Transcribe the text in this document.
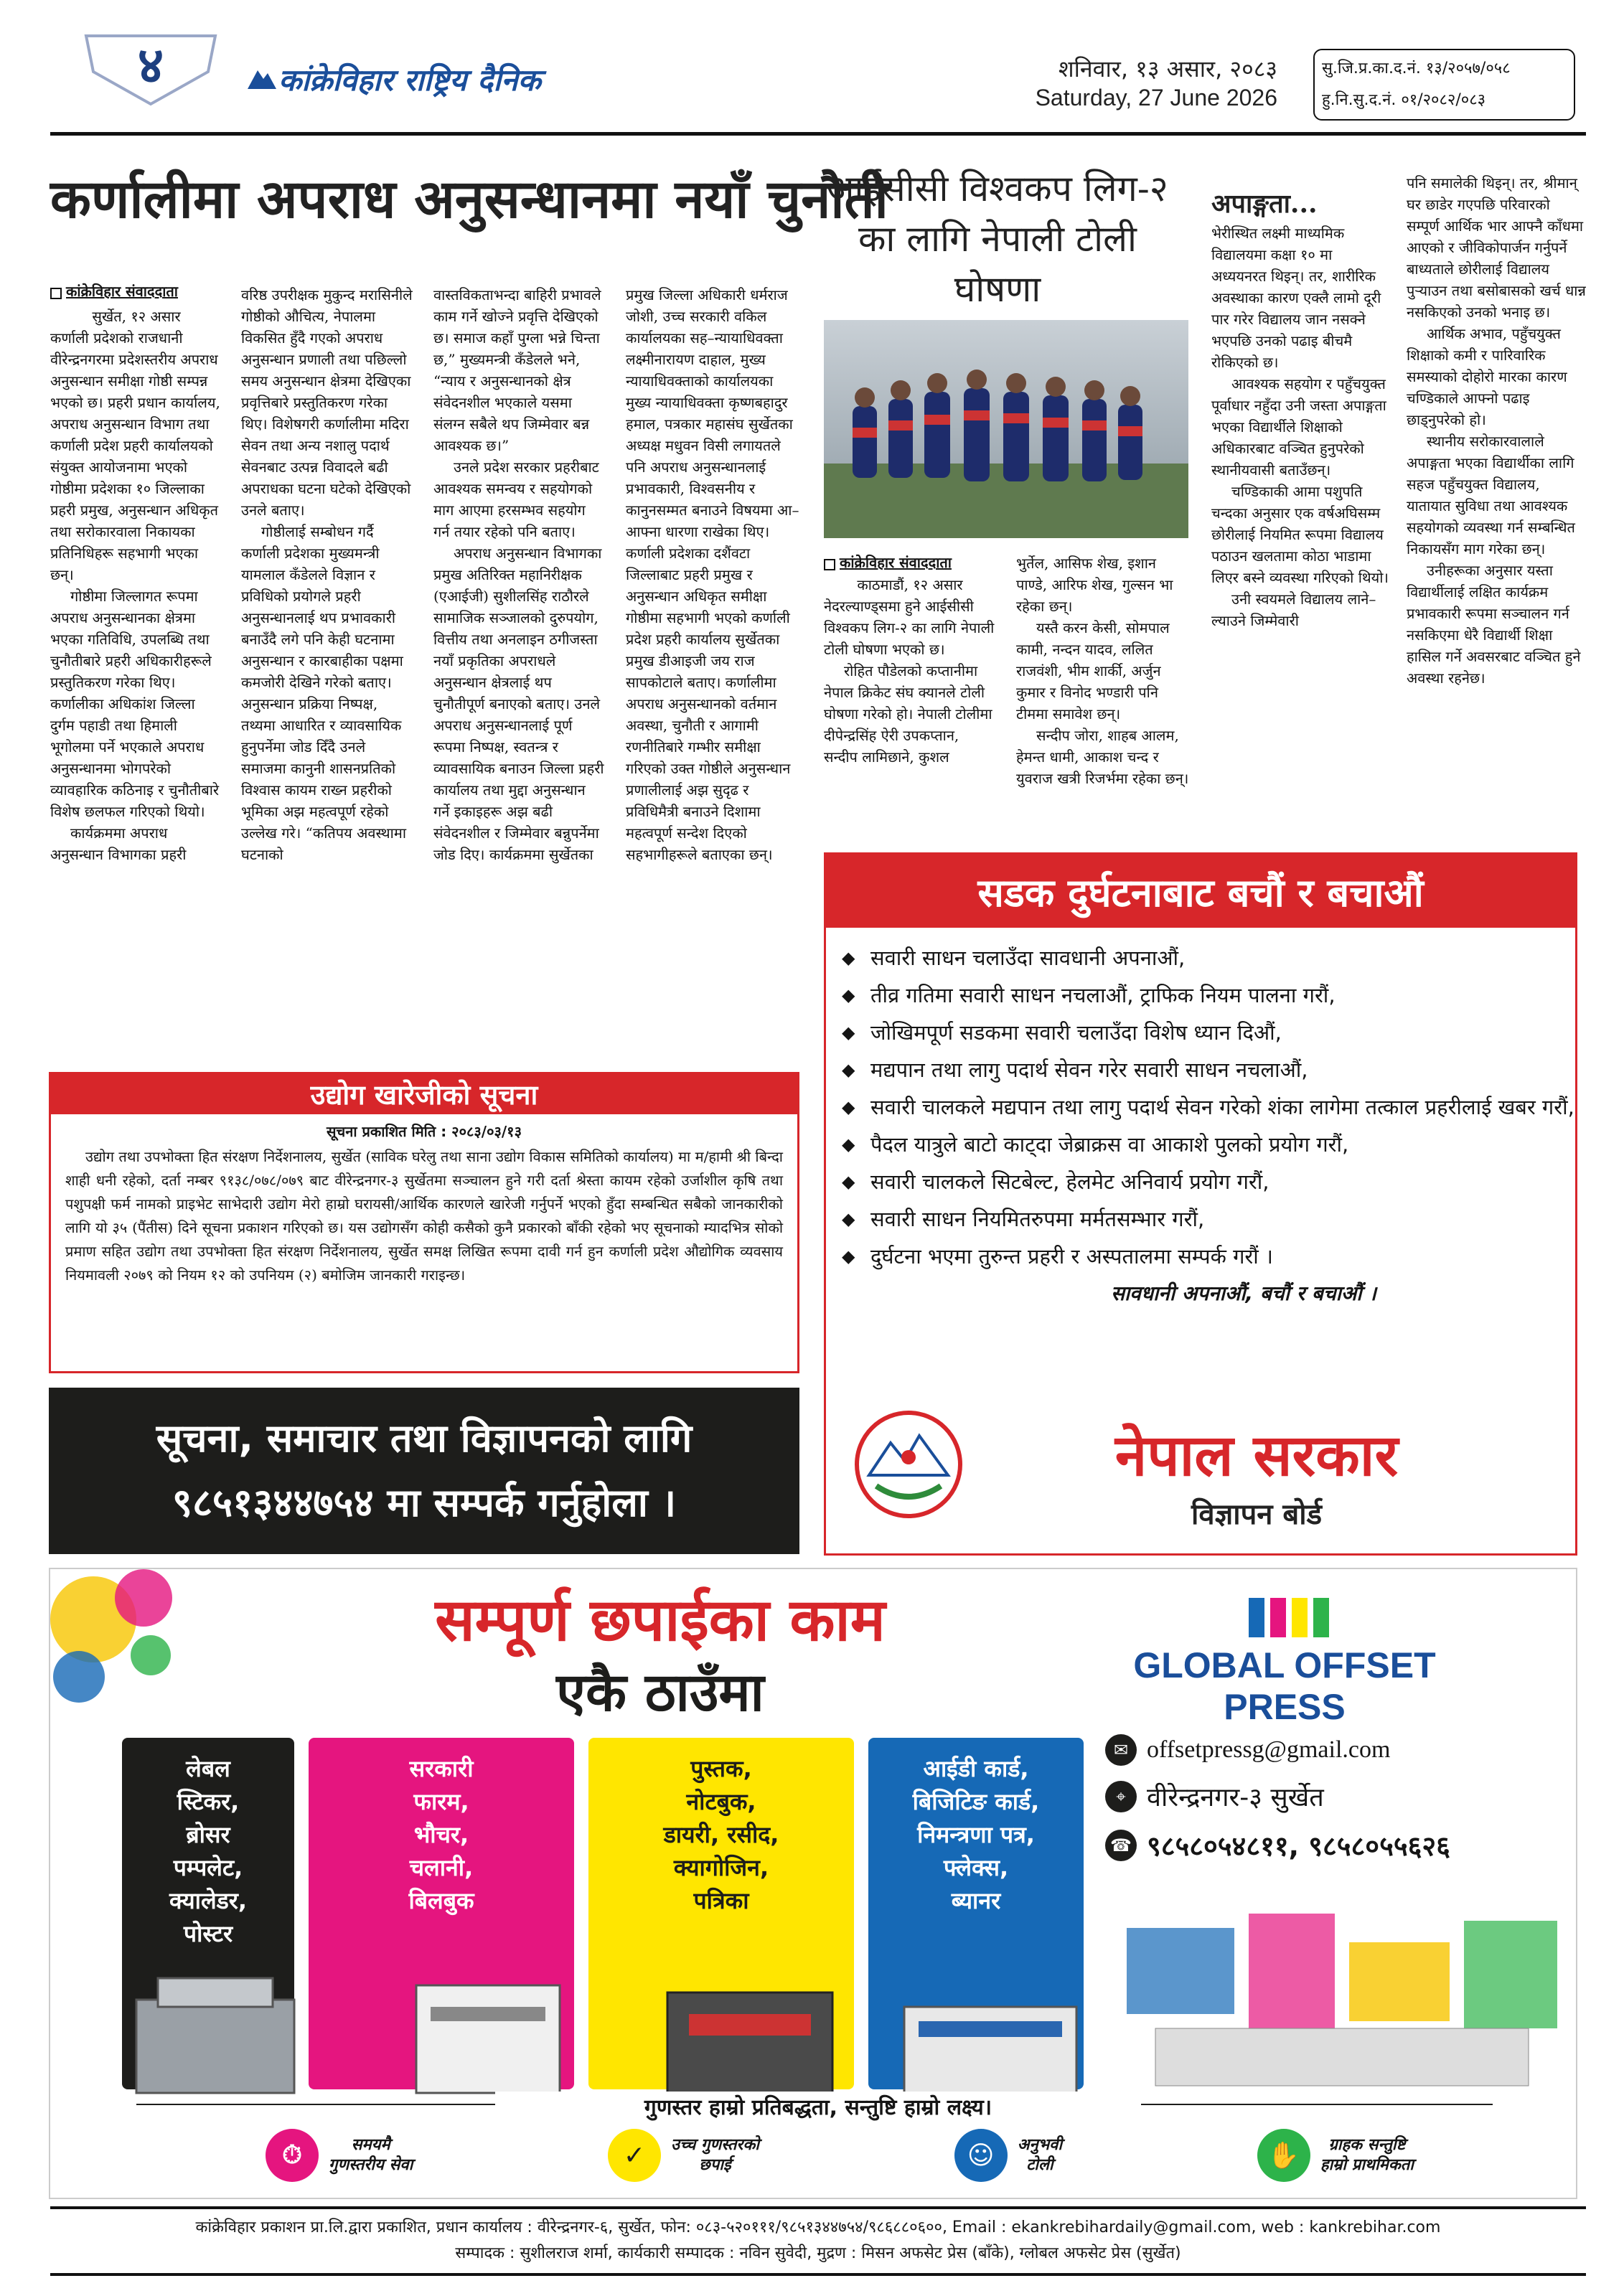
४	कांक्रेविहार राष्ट्रिय दैनिक	शनिवार, १३ असार, २०८३
Saturday, 27 June 2026
सु.जि.प्र.का.द.नं. १३/२०५७/०५८
हु.नि.सु.द.नं. ०१/२०८२/०८३
कर्णालीमा अपराध अनुसन्धानमा नयाँ चुनौती
कांक्रेविहार संवाददाता

सुर्खेत, १२ असार

कर्णाली प्रदेशको राजधानी वीरेन्द्रनगरमा प्रदेशस्तरीय अपराध अनुसन्धान समीक्षा गोष्ठी सम्पन्न भएको छ। प्रहरी प्रधान कार्यालय, अपराध अनुसन्धान विभाग तथा कर्णाली प्रदेश प्रहरी कार्यालयको संयुक्त आयोजनामा भएको गोष्ठीमा प्रदेशका १० जिल्लाका प्रहरी प्रमुख, अनुसन्धान अधिकृत तथा सरोकारवाला निकायका प्रतिनिधिहरू सहभागी भएका छन्।

गोष्ठीमा जिल्लागत रूपमा अपराध अनुसन्धानका क्षेत्रमा भएका गतिविधि, उपलब्धि तथा चुनौतीबारे प्रहरी अधिकारीहरूले प्रस्तुतिकरण गरेका थिए। कर्णालीका अधिकांश जिल्ला दुर्गम पहाडी तथा हिमाली भूगोलमा पर्ने भएकाले अपराध अनुसन्धानमा भोगपरेको व्यावहारिक कठिनाइ र चुनौतीबारे विशेष छलफल गरिएको थियो।

कार्यक्रममा अपराध अनुसन्धान विभागका प्रहरी

वरिष्ठ उपरीक्षक मुकुन्द मरासिनीले गोष्ठीको औचित्य, नेपालमा विकसित हुँदै गएको अपराध अनुसन्धान प्रणाली तथा पछिल्लो समय अनुसन्धान क्षेत्रमा देखिएका प्रवृत्तिबारे प्रस्तुतिकरण गरेका थिए। विशेषगरी कर्णालीमा मदिरा सेवन तथा अन्य नशालु पदार्थ सेवनबाट उत्पन्न विवादले बढी अपराधका घटना घटेको देखिएको उनले बताए।

गोष्ठीलाई सम्बोधन गर्दै कर्णाली प्रदेशका मुख्यमन्त्री यामलाल कँडेलले विज्ञान र प्रविधिको प्रयोगले प्रहरी अनुसन्धानलाई थप प्रभावकारी बनाउँदै लगे पनि केही घटनामा अनुसन्धान र कारबाहीका पक्षमा कमजोरी देखिने गरेको बताए। अनुसन्धान प्रक्रिया निष्पक्ष, तथ्यमा आधारित र व्यावसायिक हुनुपर्नेमा जोड दिँदै उनले समाजमा कानुनी शासनप्रतिको विश्वास कायम राख्न प्रहरीको भूमिका अझ महत्वपूर्ण रहेको उल्लेख गरे। “कतिपय अवस्थामा घटनाको

वास्तविकताभन्दा बाहिरी प्रभावले काम गर्ने खोज्ने प्रवृत्ति देखिएको छ। समाज कहाँ पुग्ला भन्ने चिन्ता छ,” मुख्यमन्त्री कँडेलले भने, “न्याय र अनुसन्धानको क्षेत्र संवेदनशील भएकाले यसमा संलग्न सबैले थप जिम्मेवार बन्न आवश्यक छ।”

उनले प्रदेश सरकार प्रहरीबाट आवश्यक समन्वय र सहयोगको माग आएमा हरसम्भव सहयोग गर्न तयार रहेको पनि बताए।

अपराध अनुसन्धान विभागका प्रमुख अतिरिक्त महानिरीक्षक (एआईजी) सुशीलसिंह राठौरले सामाजिक सञ्जालको दुरुपयोग, वित्तीय तथा अनलाइन ठगीजस्ता नयाँ प्रकृतिका अपराधले अनुसन्धान क्षेत्रलाई थप चुनौतीपूर्ण बनाएको बताए। उनले अपराध अनुसन्धानलाई पूर्ण रूपमा निष्पक्ष, स्वतन्त्र र व्यावसायिक बनाउन जिल्ला प्रहरी कार्यालय तथा मुद्दा अनुसन्धान गर्ने इकाइहरू अझ बढी संवेदनशील र जिम्मेवार बन्नुपर्नेमा जोड दिए। कार्यक्रममा सुर्खेतका

प्रमुख जिल्ला अधिकारी धर्मराज जोशी, उच्च सरकारी वकिल कार्यालयका सह–न्यायाधिवक्ता लक्ष्मीनारायण दाहाल, मुख्य न्यायाधिवक्ताको कार्यालयका मुख्य न्यायाधिवक्ता कृष्णबहादुर हमाल, पत्रकार महासंघ सुर्खेतका अध्यक्ष मधुवन विसी लगायतले पनि अपराध अनुसन्धानलाई प्रभावकारी, विश्वसनीय र कानुनसम्मत बनाउने विषयमा आ–आफ्ना धारणा राखेका थिए। कर्णाली प्रदेशका दशैंवटा जिल्लाबाट प्रहरी प्रमुख र अनुसन्धान अधिकृत समीक्षा गोष्ठीमा सहभागी भएको कर्णाली प्रदेश प्रहरी कार्यालय सुर्खेतका प्रमुख डीआइजी जय राज सापकोटाले बताए। कर्णालीमा

अपराध अनुसन्धानको वर्तमान अवस्था, चुनौती र आगामी रणनीतिबारे गम्भीर समीक्षा गरिएको उक्त गोष्ठीले अनुसन्धान प्रणालीलाई अझ सुदृढ र प्रविधिमैत्री बनाउने दिशामा महत्वपूर्ण सन्देश दिएको सहभागीहरूले बताएका छन्।

आईसीसी विश्वकप लिग-२ का लागि नेपाली टोली घोषणा
कांक्रेविहार संवाददाता

काठमाडौं, १२ असार

नेदरल्याण्ड्समा हुने आईसीसी विश्वकप लिग-२ का लागि नेपाली टोली घोषणा भएको छ।

रोहित पौडेलको कप्तानीमा नेपाल क्रिकेट संघ क्यानले टोली घोषणा गरेको हो। नेपाली टोलीमा दीपेन्द्रसिंह ऐरी उपकप्तान, सन्दीप लामिछाने, कुशल

भुर्तेल, आसिफ शेख, इशान पाण्डे, आरिफ शेख, गुल्सन भा रहेका छन्।

यस्तै करन केसी, सोमपाल कामी, नन्दन यादव, ललित राजवंशी, भीम शार्की, अर्जुन कुमार र विनोद भण्डारी पनि टीममा समावेश छन्।

सन्दीप जोरा, शाहब आलम, हेमन्त धामी, आकाश चन्द र युवराज खत्री रिजर्भमा रहेका छन्।

अपाङ्गता...

भेरीस्थित लक्ष्मी माध्यमिक विद्यालयमा कक्षा १० मा अध्ययनरत थिइन्। तर, शारीरिक अवस्थाका कारण एक्लै लामो दूरी पार गरेर विद्यालय जान नसक्ने भएपछि उनको पढाइ बीचमै रोकिएको छ।

आवश्यक सहयोग र पहुँचयुक्त पूर्वाधार नहुँदा उनी जस्ता अपाङ्गता भएका विद्यार्थीले शिक्षाको अधिकारबाट वञ्चित हुनुपरेको स्थानीयवासी बताउँछन्।

चण्डिकाकी आमा पशुपति चन्दका अनुसार एक वर्षअघिसम्म छोरीलाई नियमित रूपमा विद्यालय पठाउन खलतामा कोठा भाडामा लिएर बस्ने व्यवस्था गरिएको थियो।

उनी स्वयमले विद्यालय लाने–ल्याउने जिम्मेवारी

पनि समालेकी थिइन्। तर, श्रीमान् घर छाडेर गएपछि परिवारको सम्पूर्ण आर्थिक भार आफ्नै काँधमा आएको र जीविकोपार्जन गर्नुपर्ने बाध्यताले छोरीलाई विद्यालय पुऱ्याउन तथा बसोबासको खर्च धान्न नसकिएको उनको भनाइ छ।

आर्थिक अभाव, पहुँचयुक्त शिक्षाको कमी र पारिवारिक समस्याको दोहोरो मारका कारण चण्डिकाले आफ्नो पढाइ छाड्नुपरेको हो।

स्थानीय सरोकारवालाले अपाङ्गता भएका विद्यार्थीका लागि सहज पहुँचयुक्त विद्यालय, यातायात सुविधा तथा आवश्यक सहयोगको व्यवस्था गर्न सम्बन्धित निकायसँग माग गरेका छन्।

उनीहरूका अनुसार यस्ता विद्यार्थीलाई लक्षित कार्यक्रम प्रभावकारी रूपमा सञ्चालन गर्न नसकिएमा धेरै विद्यार्थी शिक्षा हासिल गर्ने अवसरबाट वञ्चित हुने अवस्था रहनेछ।

सडक दुर्घटनाबाट बचौं र बचाऔं
◆ सवारी साधन चलाउँदा सावधानी अपनाऔं,
◆ तीव्र गतिमा सवारी साधन नचलाऔं, ट्राफिक नियम पालना गरौं,
◆ जोखिमपूर्ण सडकमा सवारी चलाउँदा विशेष ध्यान दिऔं,
◆ मद्यपान तथा लागु पदार्थ सेवन गरेर सवारी साधन नचलाऔं,
◆ सवारी चालकले मद्यपान तथा लागु पदार्थ सेवन गरेको शंका लागेमा तत्काल प्रहरीलाई खबर गरौं,
◆ पैदल यात्रुले बाटो काट्दा जेब्राक्रस वा आकाशे पुलको प्रयोग गरौं,
◆ सवारी चालकले सिटबेल्ट, हेलमेट अनिवार्य प्रयोग गरौं,
◆ सवारी साधन नियमितरुपमा मर्मतसम्भार गरौं,
◆ दुर्घटना भएमा तुरुन्त प्रहरी र अस्पतालमा सम्पर्क गरौं ।
सावधानी अपनाऔं, बचौं र बचाऔं ।
नेपाल सरकार
विज्ञापन बोर्ड
उद्योग खारेजीको सूचना
सूचना प्रकाशित मिति : २०८३/०३/१३
उद्योग तथा उपभोक्ता हित संरक्षण निर्देशनालय, सुर्खेत (साविक घरेलु तथा साना उद्योग विकास समितिको कार्यालय) मा म/हामी श्री बिन्दा शाही धनी रहेको, दर्ता नम्बर ९१३८/०७८/०७९ बाट वीरेन्द्रनगर-३ सुर्खेतमा सञ्चालन हुने गरी दर्ता श्रेस्ता कायम रहेको उर्जाशील कृषि तथा पशुपक्षी फर्म नामको प्राइभेट साभेदारी उद्योग मेरो हाम्रो घरायसी/आर्थिक कारणले खारेजी गर्नुपर्ने भएको हुँदा सम्बन्धित सबैको जानकारीको लागि यो ३५ (पैंतीस) दिने सूचना प्रकाशन गरिएको छ। यस उद्योगसँग कोही कसैको कुनै प्रकारको बाँकी रहेको भए सूचनाको म्यादभित्र सोको प्रमाण सहित उद्योग तथा उपभोक्ता हित संरक्षण निर्देशनालय, सुर्खेत समक्ष लिखित रूपमा दावी गर्न हुन कर्णाली प्रदेश औद्योगिक व्यवसाय नियमावली २०७९ को नियम १२ को उपनियम (२) बमोजिम जानकारी गराइन्छ।
सूचना, समाचार तथा विज्ञापनको लागि
९८५१३४४७५४ मा सम्पर्क गर्नुहोला ।
सम्पूर्ण छपाईका काम
एकै ठाउँमा	GLOBAL OFFSET PRESS
लेबल
स्टिकर,
ब्रोसर
पम्पलेट,
क्यालेडर,
पोस्टर
सरकारी
फारम,
भौचर,
चलानी,
बिलबुक
पुस्तक,
नोटबुक,
डायरी, रसीद,
क्यागोजिन,
पत्रिका
आईडी कार्ड,
बिजिटिङ कार्ड,
निमन्त्रणा पत्र,
फ्लेक्स,
ब्यानर
✉ offsetpressg@gmail.com
⌖ वीरेन्द्रनगर-३ सुर्खेत
☎ ९८५८०५४८११, ९८५८०५५६२६
गुणस्तर हाम्रो प्रतिबद्धता, सन्तुष्टि हाम्रो लक्ष्य।
⏱	समयमै
गुणस्तरीय सेवा	✓	उच्च गुणस्तरको
छपाई	☺	अनुभवी
टोली	✋	ग्राहक सन्तुष्टि
हाम्रो प्राथमिकता
कांक्रेविहार प्रकाशन प्रा.लि.द्वारा प्रकाशित, प्रधान कार्यालय : वीरेन्द्रनगर-६, सुर्खेत, फोन: ०८३-५२०१११/९८५१३४४७५४/९८६८८०६००, Email : ekankrebihardaily@gmail.com, web : kankrebihar.com
सम्पादक : सुशीलराज शर्मा, कार्यकारी सम्पादक : नविन सुवेदी, मुद्रण : मिसन अफसेट प्रेस (बाँके), ग्लोबल अफसेट प्रेस (सुर्खेत)
